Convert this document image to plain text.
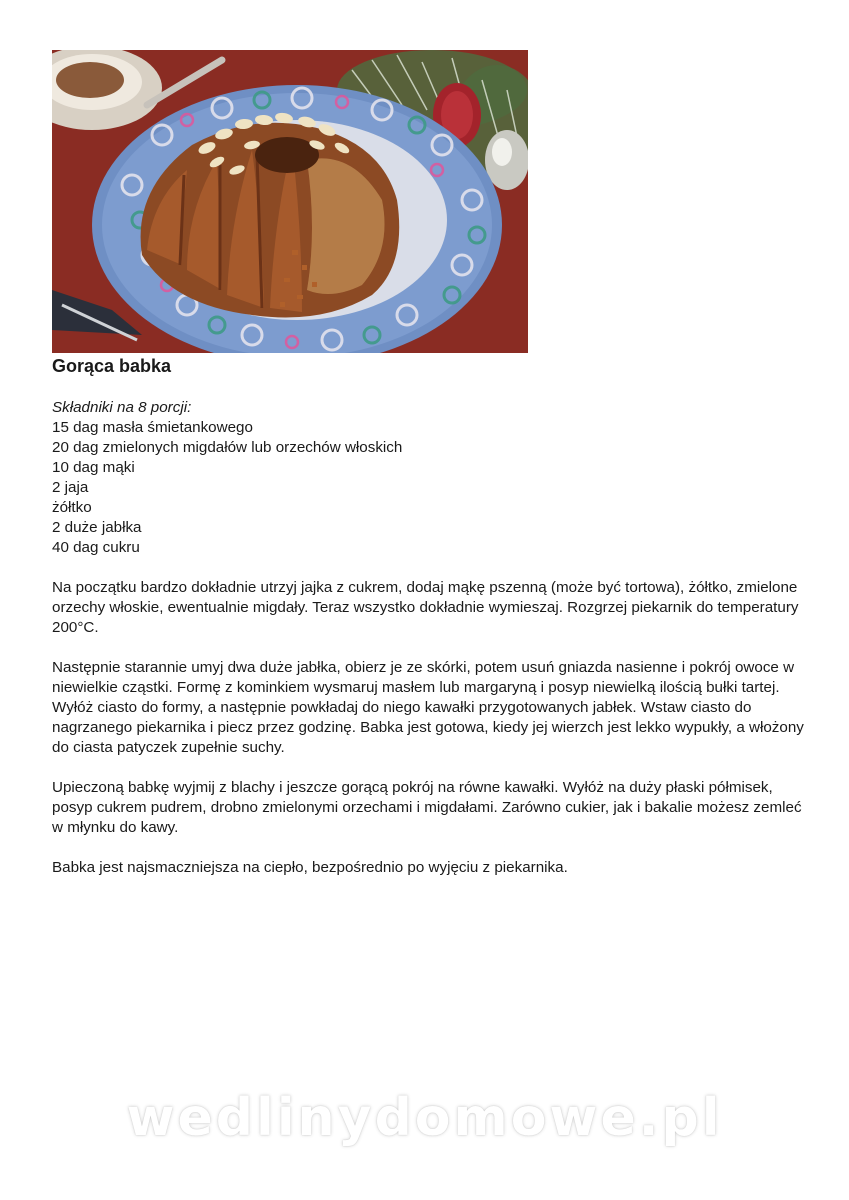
Gorąca babka

Składniki na 8 porcji:

15 dag masła śmietankowego
20 dag zmielonych migdałów lub orzechów włoskich
10 dag mąki
2 jaja
żółtko
2 duże jabłka
40 dag cukru

Na początku bardzo dokładnie utrzyj jajka z cukrem, dodaj mąkę pszenną (może być tortowa), żółtko, zmielone orzechy włoskie, ewentualnie migdały. Teraz wszystko dokładnie wymieszaj. Rozgrzej piekarnik do temperatury 200°C.

Następnie starannie umyj dwa duże jabłka, obierz je ze skórki, potem usuń gniazda nasienne i pokrój owoce w niewielkie cząstki. Formę z kominkiem wysmaruj masłem lub margaryną i posyp niewielką ilością bułki tartej. Wyłóż ciasto do formy, a następnie powkładaj do niego kawałki przygotowanych jabłek. Wstaw ciasto do nagrzanego piekarnika i piecz przez godzinę. Babka jest gotowa, kiedy jej wierzch jest lekko wypukły, a włożony do ciasta patyczek zupełnie suchy.

Upieczoną babkę wyjmij z blachy i jeszcze gorącą pokrój na równe kawałki. Wyłóż na duży płaski półmisek, posyp cukrem pudrem, drobno zmielonymi orzechami i migdałami. Zarówno cukier, jak i bakalie możesz zemleć w młynku do kawy.

Babka jest najsmaczniejsza na ciepło, bezpośrednio po wyjęciu z piekarnika.

wedlinydomowe.pl
